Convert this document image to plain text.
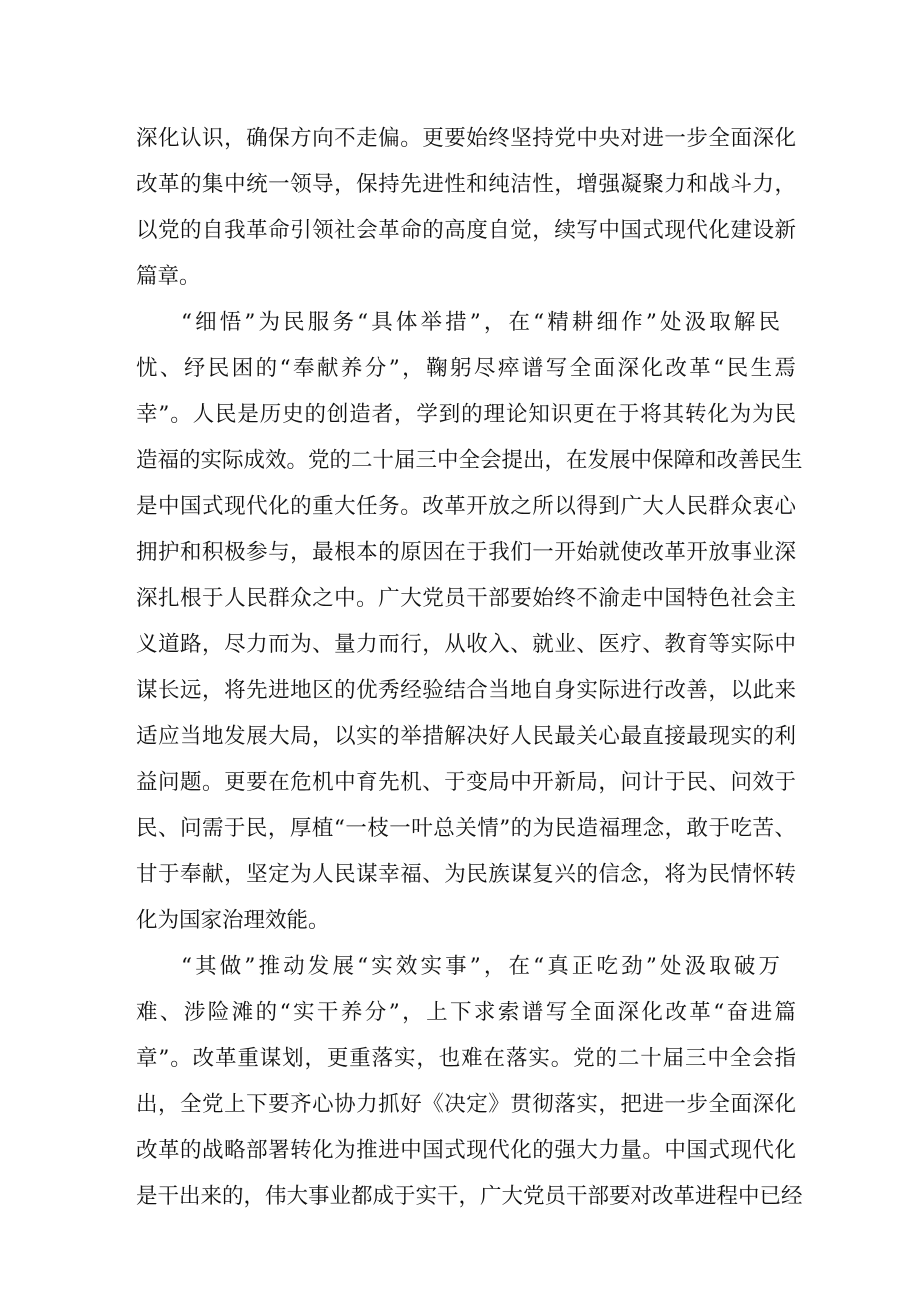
深化认识，确保方向不走偏。更要始终坚持党中央对进一步全面深化
改革的集中统一领导，保持先进性和纯洁性，增强凝聚力和战斗力，
以党的自我革命引领社会革命的高度自觉，续写中国式现代化建设新
篇章。
“细悟”为民服务“具体举措”，在“精耕细作”处汲取解民
忧、纾民困的“奉献养分”，鞠躬尽瘁谱写全面深化改革“民生焉
幸”。人民是历史的创造者，学到的理论知识更在于将其转化为为民
造福的实际成效。党的二十届三中全会提出，在发展中保障和改善民生
是中国式现代化的重大任务。改革开放之所以得到广大人民群众衷心
拥护和积极参与，最根本的原因在于我们一开始就使改革开放事业深
深扎根于人民群众之中。广大党员干部要始终不渝走中国特色社会主
义道路，尽力而为、量力而行，从收入、就业、医疗、教育等实际中
谋长远，将先进地区的优秀经验结合当地自身实际进行改善，以此来
适应当地发展大局，以实的举措解决好人民最关心最直接最现实的利
益问题。更要在危机中育先机、于变局中开新局，问计于民、问效于
民、问需于民，厚植“一枝一叶总关情”的为民造福理念，敢于吃苦、
甘于奉献，坚定为人民谋幸福、为民族谋复兴的信念，将为民情怀转
化为国家治理效能。
“其做”推动发展“实效实事”，在“真正吃劲”处汲取破万
难、涉险滩的“实干养分”，上下求索谱写全面深化改革“奋进篇
章”。改革重谋划，更重落实，也难在落实。党的二十届三中全会指
出，全党上下要齐心协力抓好《决定》贯彻落实，把进一步全面深化
改革的战略部署转化为推进中国式现代化的强大力量。中国式现代化
是干出来的，伟大事业都成于实干，广大党员干部要对改革进程中已经
